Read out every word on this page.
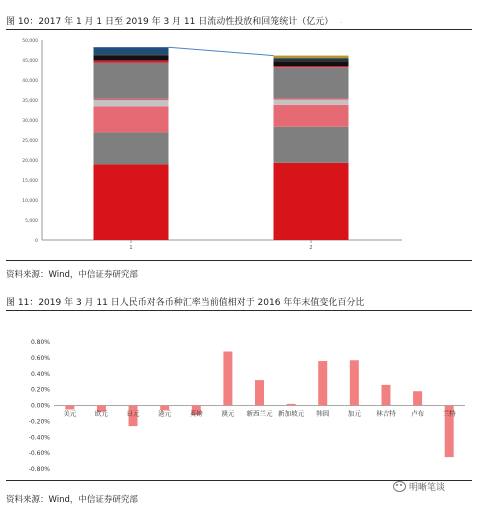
图 10：2017 年 1 月 1 日至 2019 年 3 月 11 日流动性投放和回笼统计（亿元） .
资料来源：Wind，中信证券研究部
图 11：2019 年 3 月 11 日人民币对各币种汇率当前值相对于 2016 年年末值变化百分比
资料来源：Wind，中信证券研究部
0
5,000
10,000
15,000
20,000
25,000
30,000
35,000
40,000
45,000
50,000
1	2
-0.80%
-0.60%
-0.40%
-0.20%
0.00%
0.20%
0.40%
0.60%
0.80%
美元	欧元	日元	港元	英镑	澳元 新西兰元 新加坡元 韩圆	加元 林吉特 卢布	兰特
明晰笔谈
